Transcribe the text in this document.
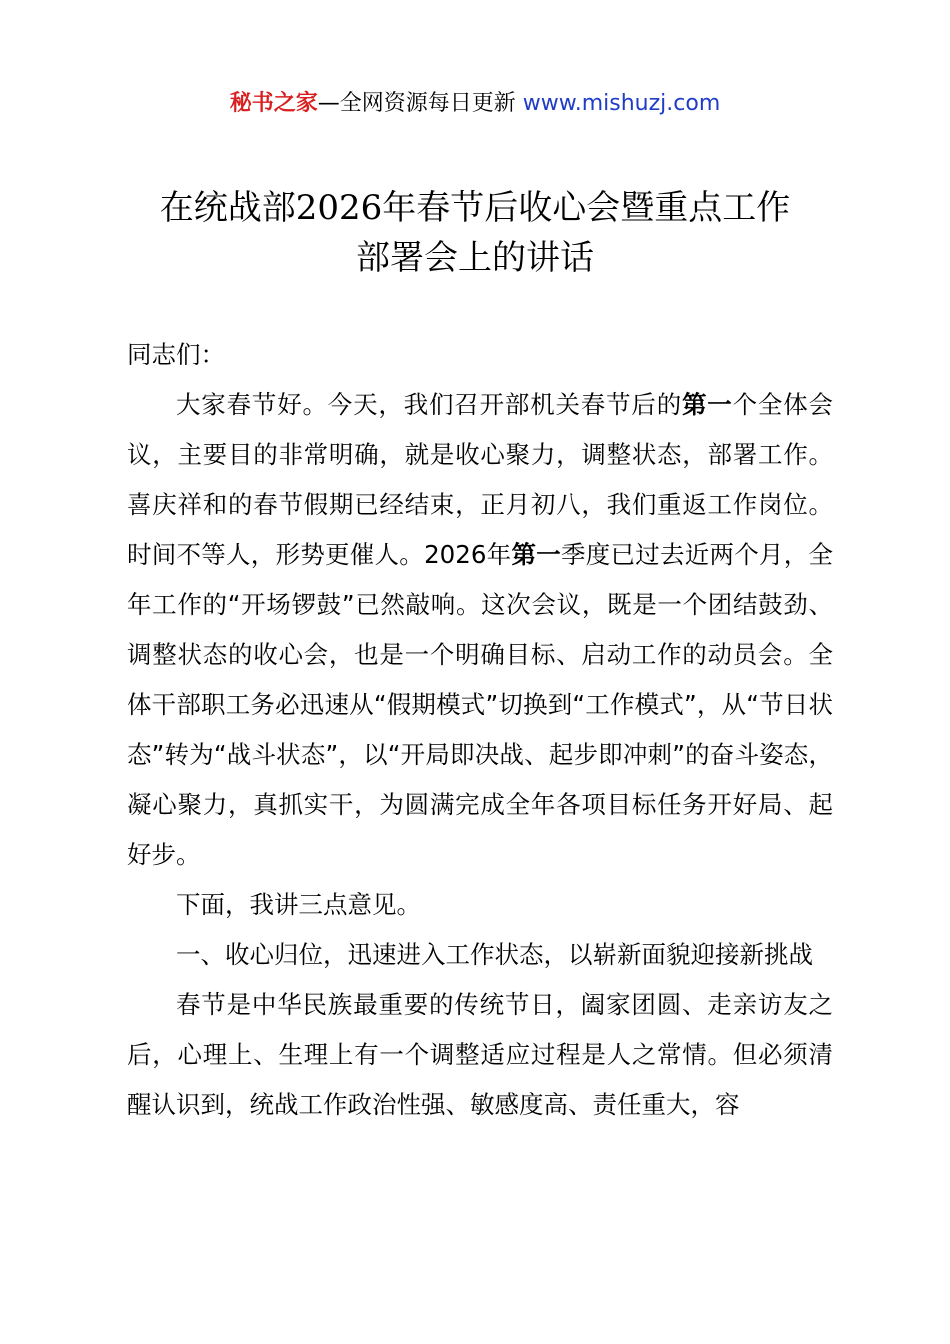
秘书之家—全网资源每日更新 www.mishuzj.com
在统战部2026年春节后收心会暨重点工作
部署会上的讲话

同志们：

大家春节好。今天，我们召开部机关春节后的第一个全体会议，主要目的非常明确，就是收心聚力，调整状态，部署工作。喜庆祥和的春节假期已经结束，正月初八，我们重返工作岗位。时间不等人，形势更催人。2026年第一季度已过去近两个月，全年工作的“开场锣鼓”已然敲响。这次会议，既是一个团结鼓劲、调整状态的收心会，也是一个明确目标、启动工作的动员会。全体干部职工务必迅速从“假期模式”切换到“工作模式”，从“节日状态”转为“战斗状态”，以“开局即决战、起步即冲刺”的奋斗姿态，凝心聚力，真抓实干，为圆满完成全年各项目标任务开好局、起好步。

下面，我讲三点意见。

一、收心归位，迅速进入工作状态，以崭新面貌迎接新挑战

春节是中华民族最重要的传统节日，阖家团圆、走亲访友之后，心理上、生理上有一个调整适应过程是人之常情。但必须清醒认识到，统战工作政治性强、敏感度高、责任重大，容
